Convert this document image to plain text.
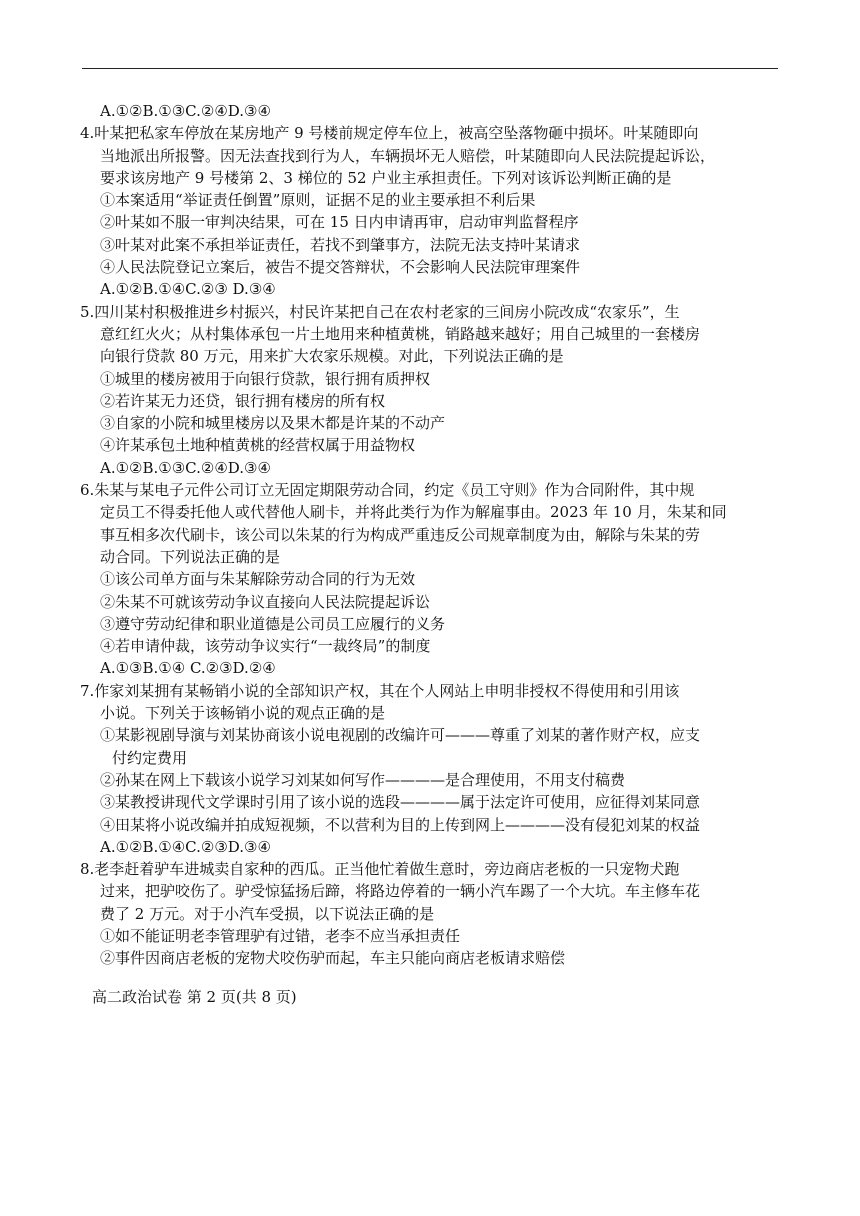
A.①②B.①③C.②④D.③④
4.叶某把私家车停放在某房地产 9 号楼前规定停车位上，被高空坠落物砸中损坏。叶某随即向
当地派出所报警。因无法查找到行为人，车辆损坏无人赔偿，叶某随即向人民法院提起诉讼，
要求该房地产 9 号楼第 2、3 梯位的 52 户业主承担责任。下列对该诉讼判断正确的是
①本案适用“举证责任倒置”原则，证据不足的业主要承担不利后果
②叶某如不服一审判决结果，可在 15 日内申请再审，启动审判监督程序
③叶某对此案不承担举证责任，若找不到肇事方，法院无法支持叶某请求
④人民法院登记立案后，被告不提交答辩状，不会影响人民法院审理案件
A.①②B.①④C.②③ D.③④
5.四川某村积极推进乡村振兴，村民许某把自己在农村老家的三间房小院改成“农家乐”，生
意红红火火；从村集体承包一片土地用来种植黄桃，销路越来越好；用自己城里的一套楼房
向银行贷款 80 万元，用来扩大农家乐规模。对此，下列说法正确的是
①城里的楼房被用于向银行贷款，银行拥有质押权
②若许某无力还贷，银行拥有楼房的所有权
③自家的小院和城里楼房以及果木都是许某的不动产
④许某承包土地种植黄桃的经营权属于用益物权
A.①②B.①③C.②④D.③④
6.朱某与某电子元件公司订立无固定期限劳动合同，约定《员工守则》作为合同附件，其中规
定员工不得委托他人或代替他人刷卡，并将此类行为作为解雇事由。2023 年 10 月，朱某和同
事互相多次代刷卡，该公司以朱某的行为构成严重违反公司规章制度为由，解除与朱某的劳
动合同。下列说法正确的是
①该公司单方面与朱某解除劳动合同的行为无效
②朱某不可就该劳动争议直接向人民法院提起诉讼
③遵守劳动纪律和职业道德是公司员工应履行的义务
④若申请仲裁，该劳动争议实行“一裁终局”的制度
A.①③B.①④ C.②③D.②④
7.作家刘某拥有某畅销小说的全部知识产权，其在个人网站上申明非授权不得使用和引用该
小说。下列关于该畅销小说的观点正确的是
①某影视剧导演与刘某协商该小说电视剧的改编许可———尊重了刘某的著作财产权，应支
付约定费用
②孙某在网上下载该小说学习刘某如何写作————是合理使用，不用支付稿费
③某教授讲现代文学课时引用了该小说的选段————属于法定许可使用，应征得刘某同意
④田某将小说改编并拍成短视频，不以营利为目的上传到网上————没有侵犯刘某的权益
A.①②B.①④C.②③D.③④
8.老李赶着驴车进城卖自家种的西瓜。正当他忙着做生意时，旁边商店老板的一只宠物犬跑
过来，把驴咬伤了。驴受惊猛扬后蹄，将路边停着的一辆小汽车踢了一个大坑。车主修车花
费了 2 万元。对于小汽车受损，以下说法正确的是
①如不能证明老李管理驴有过错，老李不应当承担责任
②事件因商店老板的宠物犬咬伤驴而起，车主只能向商店老板请求赔偿
高二政治试卷 第 2 页(共 8 页)
